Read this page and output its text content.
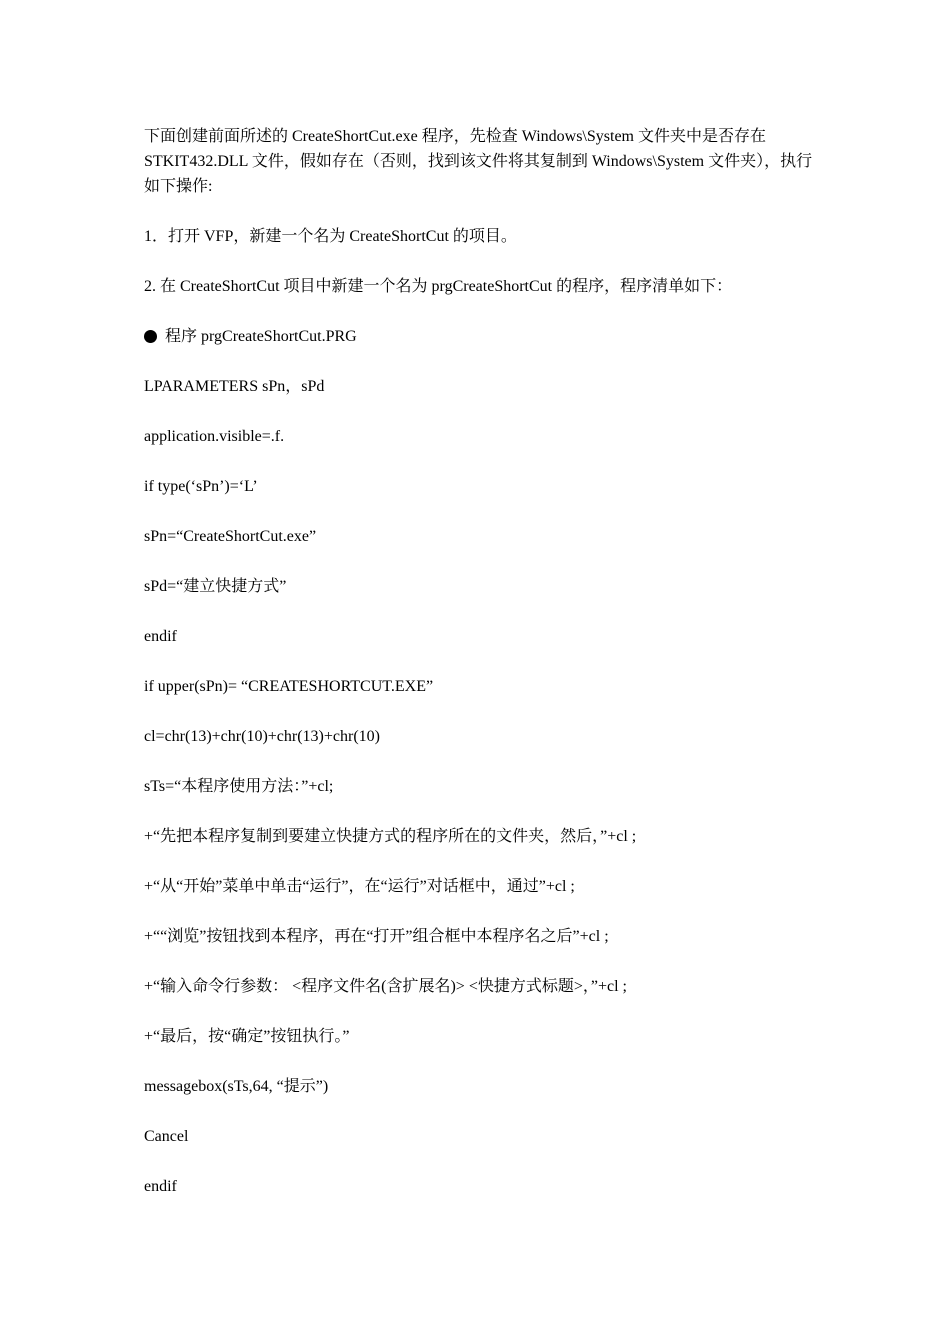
下面创建前面所述的 CreateShortCut.exe 程序，先检查 Windows\System 文件夹中是否存在 STKIT432.DLL 文件，假如存在（否则，找到该文件将其复制到 Windows\System 文件夹），执行如下操作:

1．打开 VFP，新建一个名为 CreateShortCut 的项目。

2. 在 CreateShortCut 项目中新建一个名为 prgCreateShortCut 的程序，程序清单如下：

程序 prgCreateShortCut.PRG

LPARAMETERS sPn，sPd

application.visible=.f.

if type(‘sPn’)=‘L’

sPn=“CreateShortCut.exe”

sPd=“建立快捷方式”

endif

if upper(sPn)= “CREATESHORTCUT.EXE”

cl=chr(13)+chr(10)+chr(13)+chr(10)

sTs=“本程序使用方法：”+cl;

+“先把本程序复制到要建立快捷方式的程序所在的文件夹，然后，”+cl ;

+“从“开始”菜单中单击“运行”，在“运行”对话框中，通过”+cl ;

+““浏览”按钮找到本程序，再在“打开”组合框中本程序名之后”+cl ;

+“输入命令行参数： <程序文件名(含扩展名)> <快捷方式标题>，”+cl ;

+“最后，按“确定”按钮执行。”

messagebox(sTs,64, “提示”)

Cancel

endif
